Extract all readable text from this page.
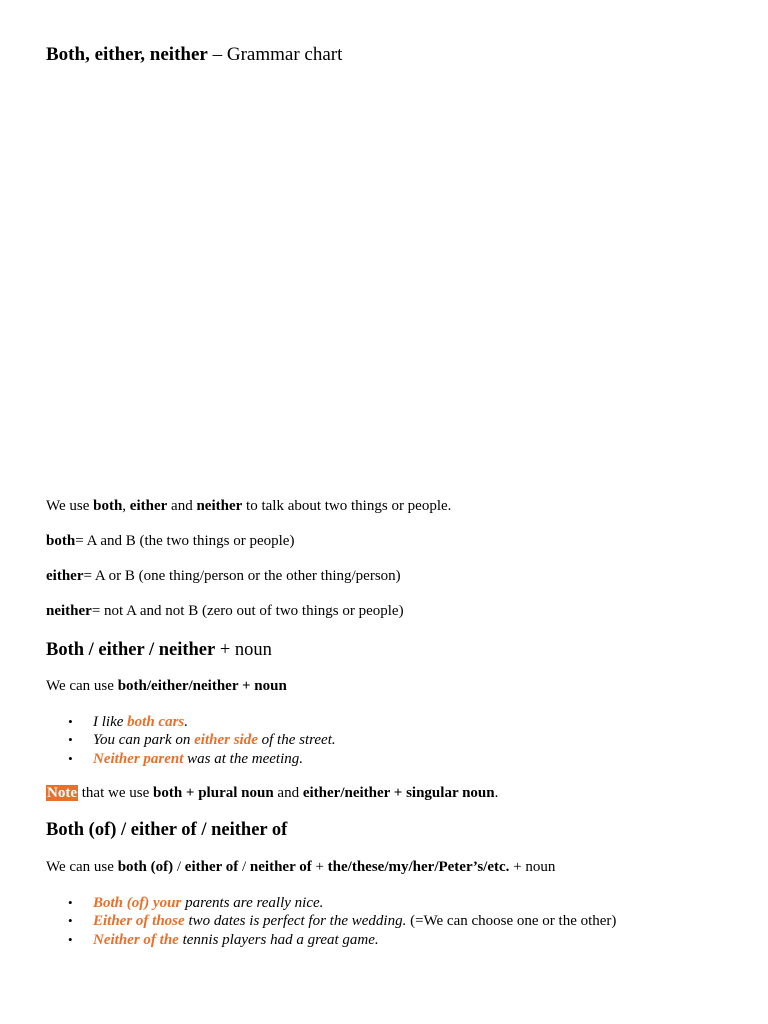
Both, either, neither – Grammar chart

We use both, either and neither to talk about two things or people.

both= A and B (the two things or people)

either= A or B (one thing/person or the other thing/person)

neither= not A and not B (zero out of two things or people)

Both / either / neither + noun

We can use both/either/neither + noun

• I like both cars.
• You can park on either side of the street.
• Neither parent was at the meeting.

Note that we use both + plural noun and either/neither + singular noun.

Both (of) / either of / neither of

We can use both (of) / either of / neither of + the/these/my/her/Peter’s/etc. + noun

• Both (of) your parents are really nice.
• Either of those two dates is perfect for the wedding. (=We can choose one or the other)
• Neither of the tennis players had a great game.
